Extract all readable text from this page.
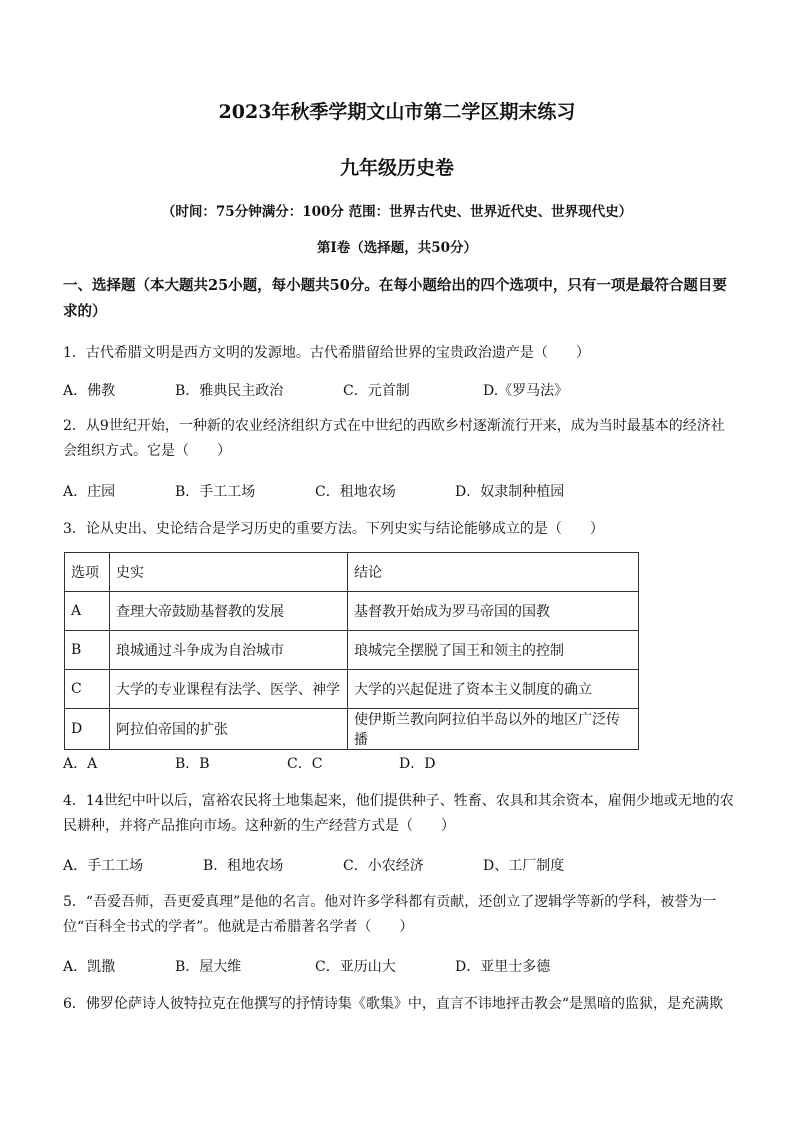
2023年秋季学期文山市第二学区期末练习
九年级历史卷
（时间：75分钟满分：100分 范围：世界古代史、世界近代史、世界现代史）
第Ⅰ卷（选择题，共50分）
一、选择题（本大题共25小题，每小题共50分。在每小题给出的四个选项中，只有一项是最符合题目要求的）
1．古代希腊文明是西方文明的发源地。古代希腊留给世界的宝贵政治遗产是（　　）
A．佛教	B．雅典民主政治	C．元首制	D.《罗马法》
2．从9世纪开始，一种新的农业经济组织方式在中世纪的西欧乡村逐渐流行开来，成为当时最基本的经济社会组织方式。它是（　　）
A．庄园	B．手工工场	C．租地农场	D．奴隶制种植园
3．论从史出、史论结合是学习历史的重要方法。下列史实与结论能够成立的是（　　）
选项	史实	结论
A	查理大帝鼓励基督教的发展	基督教开始成为罗马帝国的国教
B	琅城通过斗争成为自治城市	琅城完全摆脱了国王和领主的控制
C	大学的专业课程有法学、医学、神学	大学的兴起促进了资本主义制度的确立
D	阿拉伯帝国的扩张	使伊斯兰教向阿拉伯半岛以外的地区广泛传播
A．A	B．B	C．C	D．D
4．14世纪中叶以后，富裕农民将土地集起来，他们提供种子、牲畜、农具和其余资本，雇佣少地或无地的农民耕种，并将产品推向市场。这种新的生产经营方式是（　　）
A．手工工场	B．租地农场	C．小农经济	D、工厂制度
5．“吾爱吾师，吾更爱真理”是他的名言。他对许多学科都有贡献，还创立了逻辑学等新的学科，被誉为一位“百科全书式的学者”。他就是古希腊著名学者（　　）
A．凯撒	B．屋大维	C．亚历山大	D．亚里士多德
6．佛罗伦萨诗人彼特拉克在他撰写的抒情诗集《歌集》中，直言不讳地抨击教会“是黑暗的监狱，是充满欺
